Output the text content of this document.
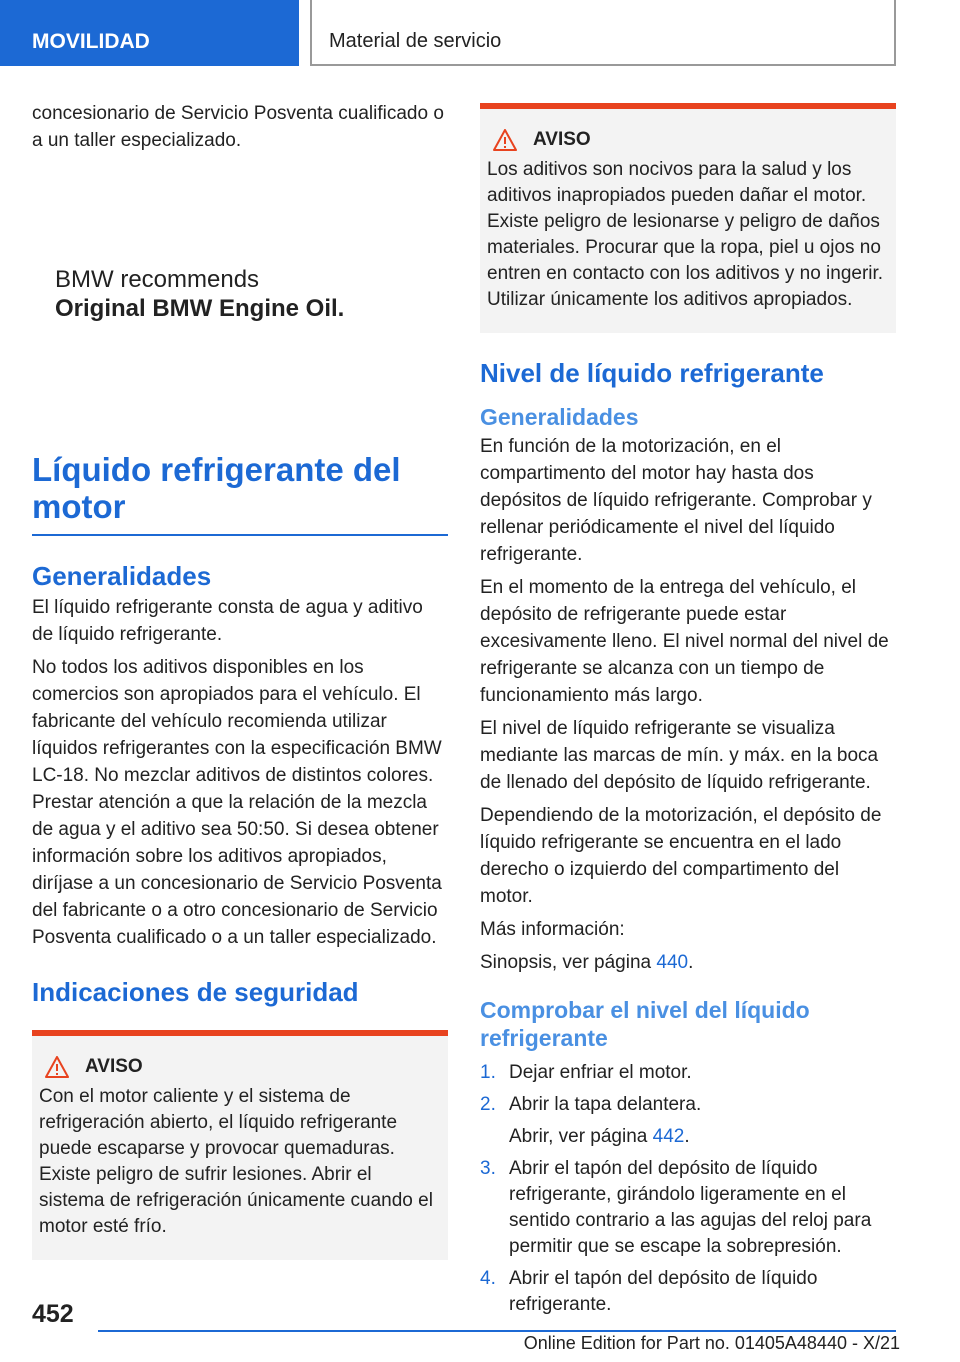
MOVILIDAD	Material de servicio

concesionario de Servicio Posventa cualificado o a un taller especializado.

BMW recommends
Original BMW Engine Oil.
Líquido refrigerante del motor
Generalidades

El líquido refrigerante consta de agua y aditivo de líquido refrigerante.

No todos los aditivos disponibles en los comercios son apropiados para el vehículo. El fabricante del vehículo recomienda utilizar líquidos refrigerantes con la especificación BMW LC-18. No mezclar aditivos de distintos colores. Prestar atención a que la relación de la mezcla de agua y el aditivo sea 50:50. Si desea obtener información sobre los aditivos apropiados, diríjase a un concesionario de Servicio Posventa del fabricante o a otro concesionario de Servicio Posventa cualificado o a un taller especializado.

Indicaciones de seguridad
AVISO

Con el motor caliente y el sistema de refrigeración abierto, el líquido refrigerante puede escaparse y provocar quemaduras. Existe peligro de sufrir lesiones. Abrir el sistema de refrigeración únicamente cuando el motor esté frío.

AVISO

Los aditivos son nocivos para la salud y los aditivos inapropiados pueden dañar el motor. Existe peligro de lesionarse y peligro de daños materiales. Procurar que la ropa, piel u ojos no entren en contacto con los aditivos y no ingerir. Utilizar únicamente los aditivos apropiados.

Nivel de líquido refrigerante
Generalidades

En función de la motorización, en el compartimento del motor hay hasta dos depósitos de líquido refrigerante. Comprobar y rellenar periódicamente el nivel del líquido refrigerante.

En el momento de la entrega del vehículo, el depósito de refrigerante puede estar excesivamente lleno. El nivel normal del nivel de refrigerante se alcanza con un tiempo de funcionamiento más largo.

El nivel de líquido refrigerante se visualiza mediante las marcas de mín. y máx. en la boca de llenado del depósito de líquido refrigerante.

Dependiendo de la motorización, el depósito de líquido refrigerante se encuentra en el lado derecho o izquierdo del compartimento del motor.

Más información:

Sinopsis, ver página 440.

Comprobar el nivel del líquido refrigerante
1. Dejar enfriar el motor.
2. Abrir la tapa delantera.
Abrir, ver página 442.
3. Abrir el tapón del depósito de líquido refrigerante, girándolo ligeramente en el sentido contrario a las agujas del reloj para permitir que se escape la sobrepresión.
4. Abrir el tapón del depósito de líquido refrigerante.
452
Online Edition for Part no. 01405A48440 - X/21
